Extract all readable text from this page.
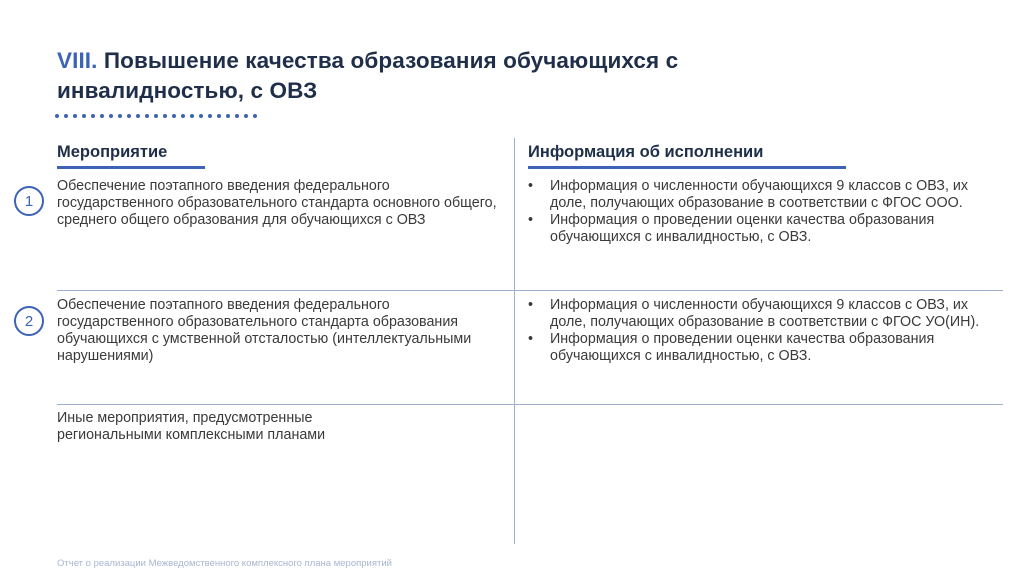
VIII. Повышение качества образования обучающихся с инвалидностью, с ОВЗ
Мероприятие	Информация об исполнении
1
Обеспечение поэтапного введения федерального государственного образовательного стандарта основного общего, среднего общего образования для обучающихся с ОВЗ
• Информация о численности обучающихся 9 классов с ОВЗ, их доле, получающих образование в соответствии с ФГОС ООО.
• Информация о проведении оценки качества образования обучающихся с инвалидностью, с ОВЗ.
2
Обеспечение поэтапного введения федерального государственного образовательного стандарта образования обучающихся с умственной отсталостью (интеллектуальными нарушениями)
• Информация о численности обучающихся 9 классов с ОВЗ, их доле, получающих образование в соответствии с ФГОС УО(ИН).
• Информация о проведении оценки качества образования обучающихся с инвалидностью, с ОВЗ.
Иные мероприятия, предусмотренные региональными комплексными планами
Отчет о реализации Межведомственного комплексного плана мероприятий
